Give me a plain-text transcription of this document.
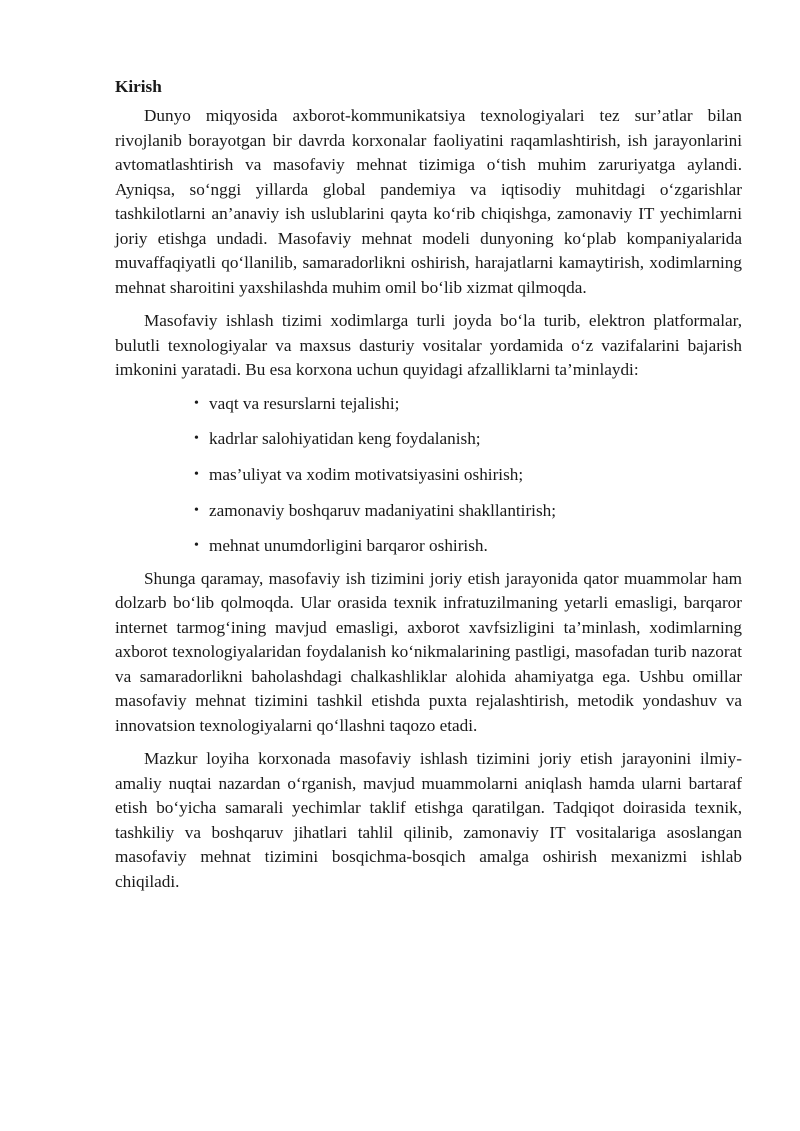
Kirish

Dunyo miqyosida axborot-kommunikatsiya texnologiyalari tez sur’atlar bilan rivojlanib borayotgan bir davrda korxonalar faoliyatini raqamlashtirish, ish jarayonlarini avtomatlashtirish va masofaviy mehnat tizimiga o‘tish muhim zaruriyatga aylandi. Ayniqsa, so‘nggi yillarda global pandemiya va iqtisodiy muhitdagi o‘zgarishlar tashkilotlarni an’anaviy ish uslublarini qayta ko‘rib chiqishga, zamonaviy IT yechimlarni joriy etishga undadi. Masofaviy mehnat modeli dunyoning ko‘plab kompaniyalarida muvaffaqiyatli qo‘llanilib, samaradorlikni oshirish, harajatlarni kamaytirish, xodimlarning mehnat sharoitini yaxshilashda muhim omil bo‘lib xizmat qilmoqda.

Masofaviy ishlash tizimi xodimlarga turli joyda bo‘la turib, elektron platformalar, bulutli texnologiyalar va maxsus dasturiy vositalar yordamida o‘z vazifalarini bajarish imkonini yaratadi. Bu esa korxona uchun quyidagi afzalliklarni ta’minlaydi:

• vaqt va resurslarni tejalishi;
• kadrlar salohiyatidan keng foydalanish;
• mas’uliyat va xodim motivatsiyasini oshirish;
• zamonaviy boshqaruv madaniyatini shakllantirish;
• mehnat unumdorligini barqaror oshirish.

Shunga qaramay, masofaviy ish tizimini joriy etish jarayonida qator muammolar ham dolzarb bo‘lib qolmoqda. Ular orasida texnik infratuzilmaning yetarli emasligi, barqaror internet tarmog‘ining mavjud emasligi, axborot xavfsizligini ta’minlash, xodimlarning axborot texnologiyalaridan foydalanish ko‘nikmalarining pastligi, masofadan turib nazorat va samaradorlikni baholashdagi chalkashliklar alohida ahamiyatga ega. Ushbu omillar masofaviy mehnat tizimini tashkil etishda puxta rejalashtirish, metodik yondashuv va innovatsion texnologiyalarni qo‘llashni taqozo etadi.

Mazkur loyiha korxonada masofaviy ishlash tizimini joriy etish jarayonini ilmiy-amaliy nuqtai nazardan o‘rganish, mavjud muammolarni aniqlash hamda ularni bartaraf etish bo‘yicha samarali yechimlar taklif etishga qaratilgan. Tadqiqot doirasida texnik, tashkiliy va boshqaruv jihatlari tahlil qilinib, zamonaviy IT vositalariga asoslangan masofaviy mehnat tizimini bosqichma-bosqich amalga oshirish mexanizmi ishlab chiqiladi.
